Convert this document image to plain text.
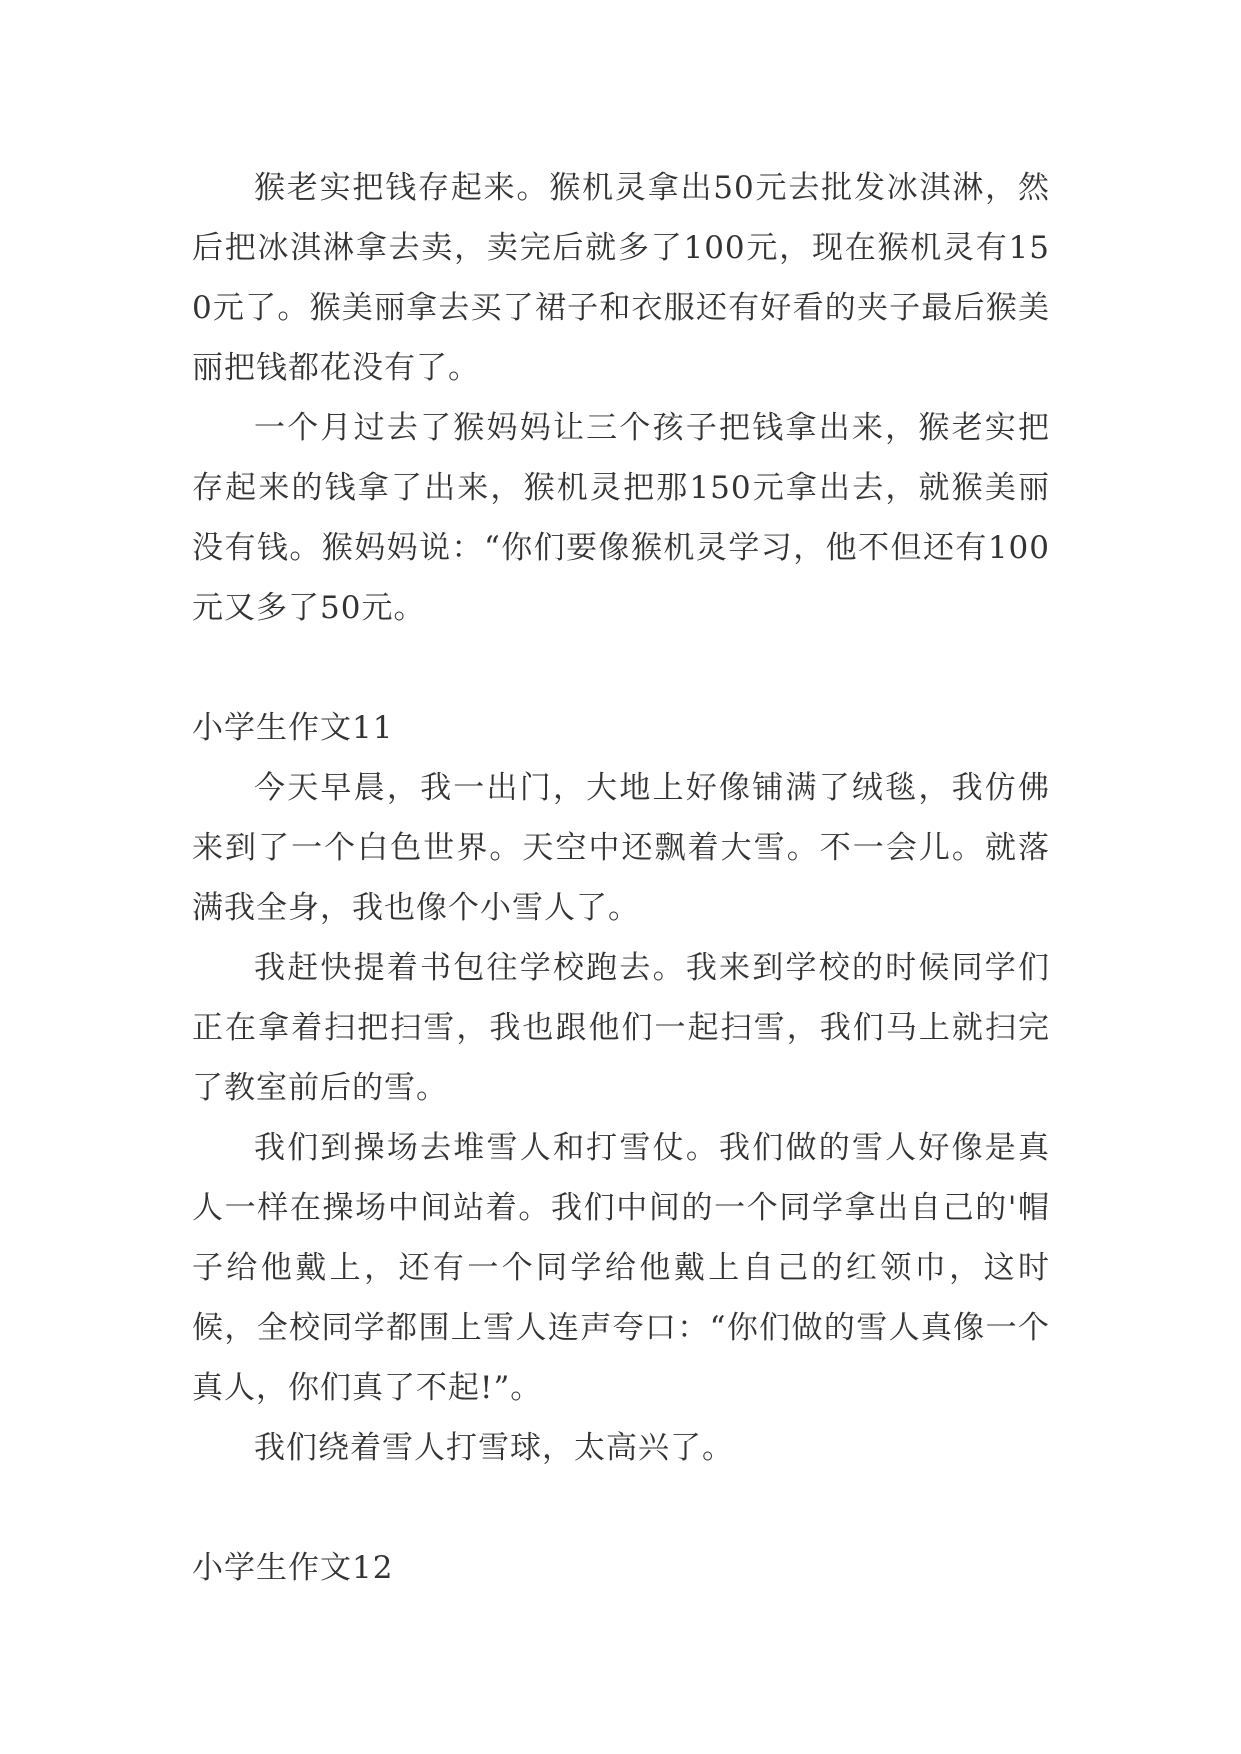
猴老实把钱存起来。猴机灵拿出50元去批发冰淇淋，然后把冰淇淋拿去卖，卖完后就多了100元，现在猴机灵有150元了。猴美丽拿去买了裙子和衣服还有好看的夹子最后猴美丽把钱都花没有了。

一个月过去了猴妈妈让三个孩子把钱拿出来，猴老实把存起来的钱拿了出来，猴机灵把那150元拿出去，就猴美丽没有钱。猴妈妈说：“你们要像猴机灵学习，他不但还有100元又多了50元。

小学生作文11

今天早晨，我一出门，大地上好像铺满了绒毯，我仿佛来到了一个白色世界。天空中还飘着大雪。不一会儿。就落满我全身，我也像个小雪人了。

我赶快提着书包往学校跑去。我来到学校的时候同学们正在拿着扫把扫雪，我也跟他们一起扫雪，我们马上就扫完了教室前后的雪。

我们到操场去堆雪人和打雪仗。我们做的雪人好像是真人一样在操场中间站着。我们中间的一个同学拿出自己的'帽子给他戴上，还有一个同学给他戴上自己的红领巾，这时候，全校同学都围上雪人连声夸口：“你们做的雪人真像一个真人，你们真了不起!”。

我们绕着雪人打雪球，太高兴了。

小学生作文12
